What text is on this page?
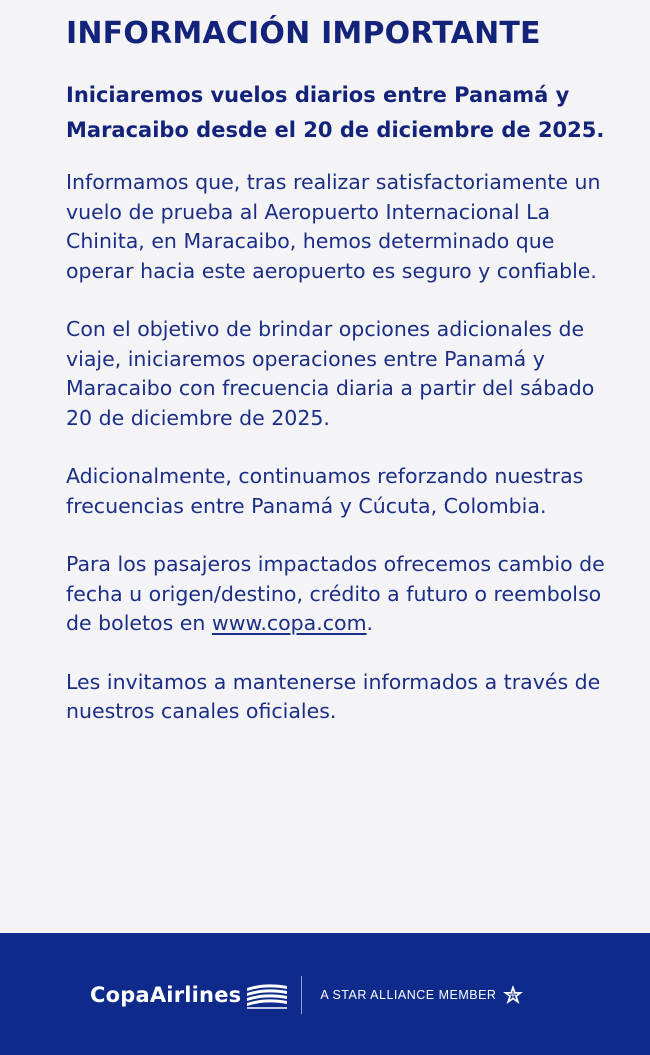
INFORMACIÓN IMPORTANTE

Iniciaremos vuelos diarios entre Panamá y Maracaibo desde el 20 de diciembre de 2025.

Informamos que, tras realizar satisfactoriamente un vuelo de prueba al Aeropuerto Internacional La Chinita, en Maracaibo, hemos determinado que operar hacia este aeropuerto es seguro y confiable.

Con el objetivo de brindar opciones adicionales de viaje, iniciaremos operaciones entre Panamá y Maracaibo con frecuencia diaria a partir del sábado 20 de diciembre de 2025.

Adicionalmente, continuamos reforzando nuestras frecuencias entre Panamá y Cúcuta, Colombia.

Para los pasajeros impactados ofrecemos cambio de fecha u origen/destino, crédito a futuro o reembolso de boletos en www.copa.com.

Les invitamos a mantenerse informados a través de nuestros canales oficiales.

CopaAirlines	A STAR ALLIANCE MEMBER
